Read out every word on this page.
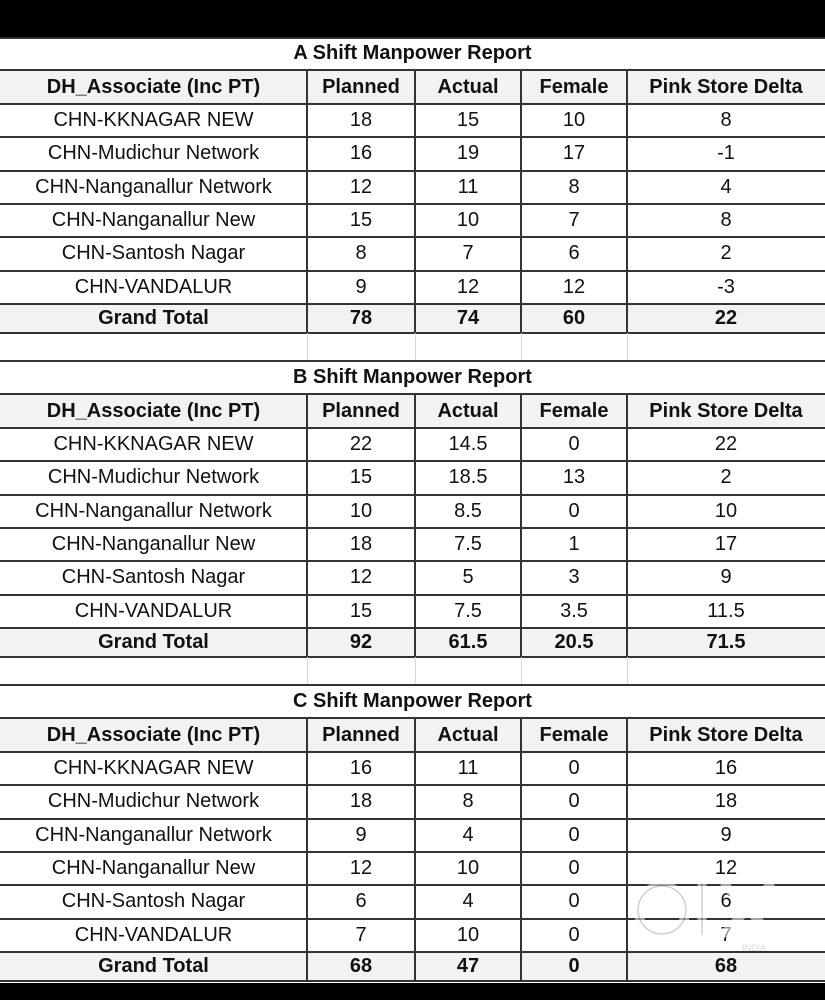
A Shift Manpower Report
DH_Associate (Inc PT)	Planned	Actual	Female	Pink Store Delta
CHN-KKNAGAR NEW	18	15	10	8
CHN-Mudichur Network	16	19	17	-1
CHN-Nanganallur Network	12	11	8	4
CHN-Nanganallur New	15	10	7	8
CHN-Santosh Nagar	8	7	6	2
CHN-VANDALUR	9	12	12	-3
Grand Total	78	74	60	22
B Shift Manpower Report
DH_Associate (Inc PT)	Planned	Actual	Female	Pink Store Delta
CHN-KKNAGAR NEW	22	14.5	0	22
CHN-Mudichur Network	15	18.5	13	2
CHN-Nanganallur Network	10	8.5	0	10
CHN-Nanganallur New	18	7.5	1	17
CHN-Santosh Nagar	12	5	3	9
CHN-VANDALUR	15	7.5	3.5	11.5
Grand Total	92	61.5	20.5	71.5
C Shift Manpower Report
DH_Associate (Inc PT)	Planned	Actual	Female	Pink Store Delta
CHN-KKNAGAR NEW	16	11	0	16
CHN-Mudichur Network	18	8	0	18
CHN-Nanganallur Network	9	4	0	9
CHN-Nanganallur New	12	10	0	12
CHN-Santosh Nagar	6	4	0	6
CHN-VANDALUR	7	10	0	7
Grand Total	68	47	0	68
INDIA
